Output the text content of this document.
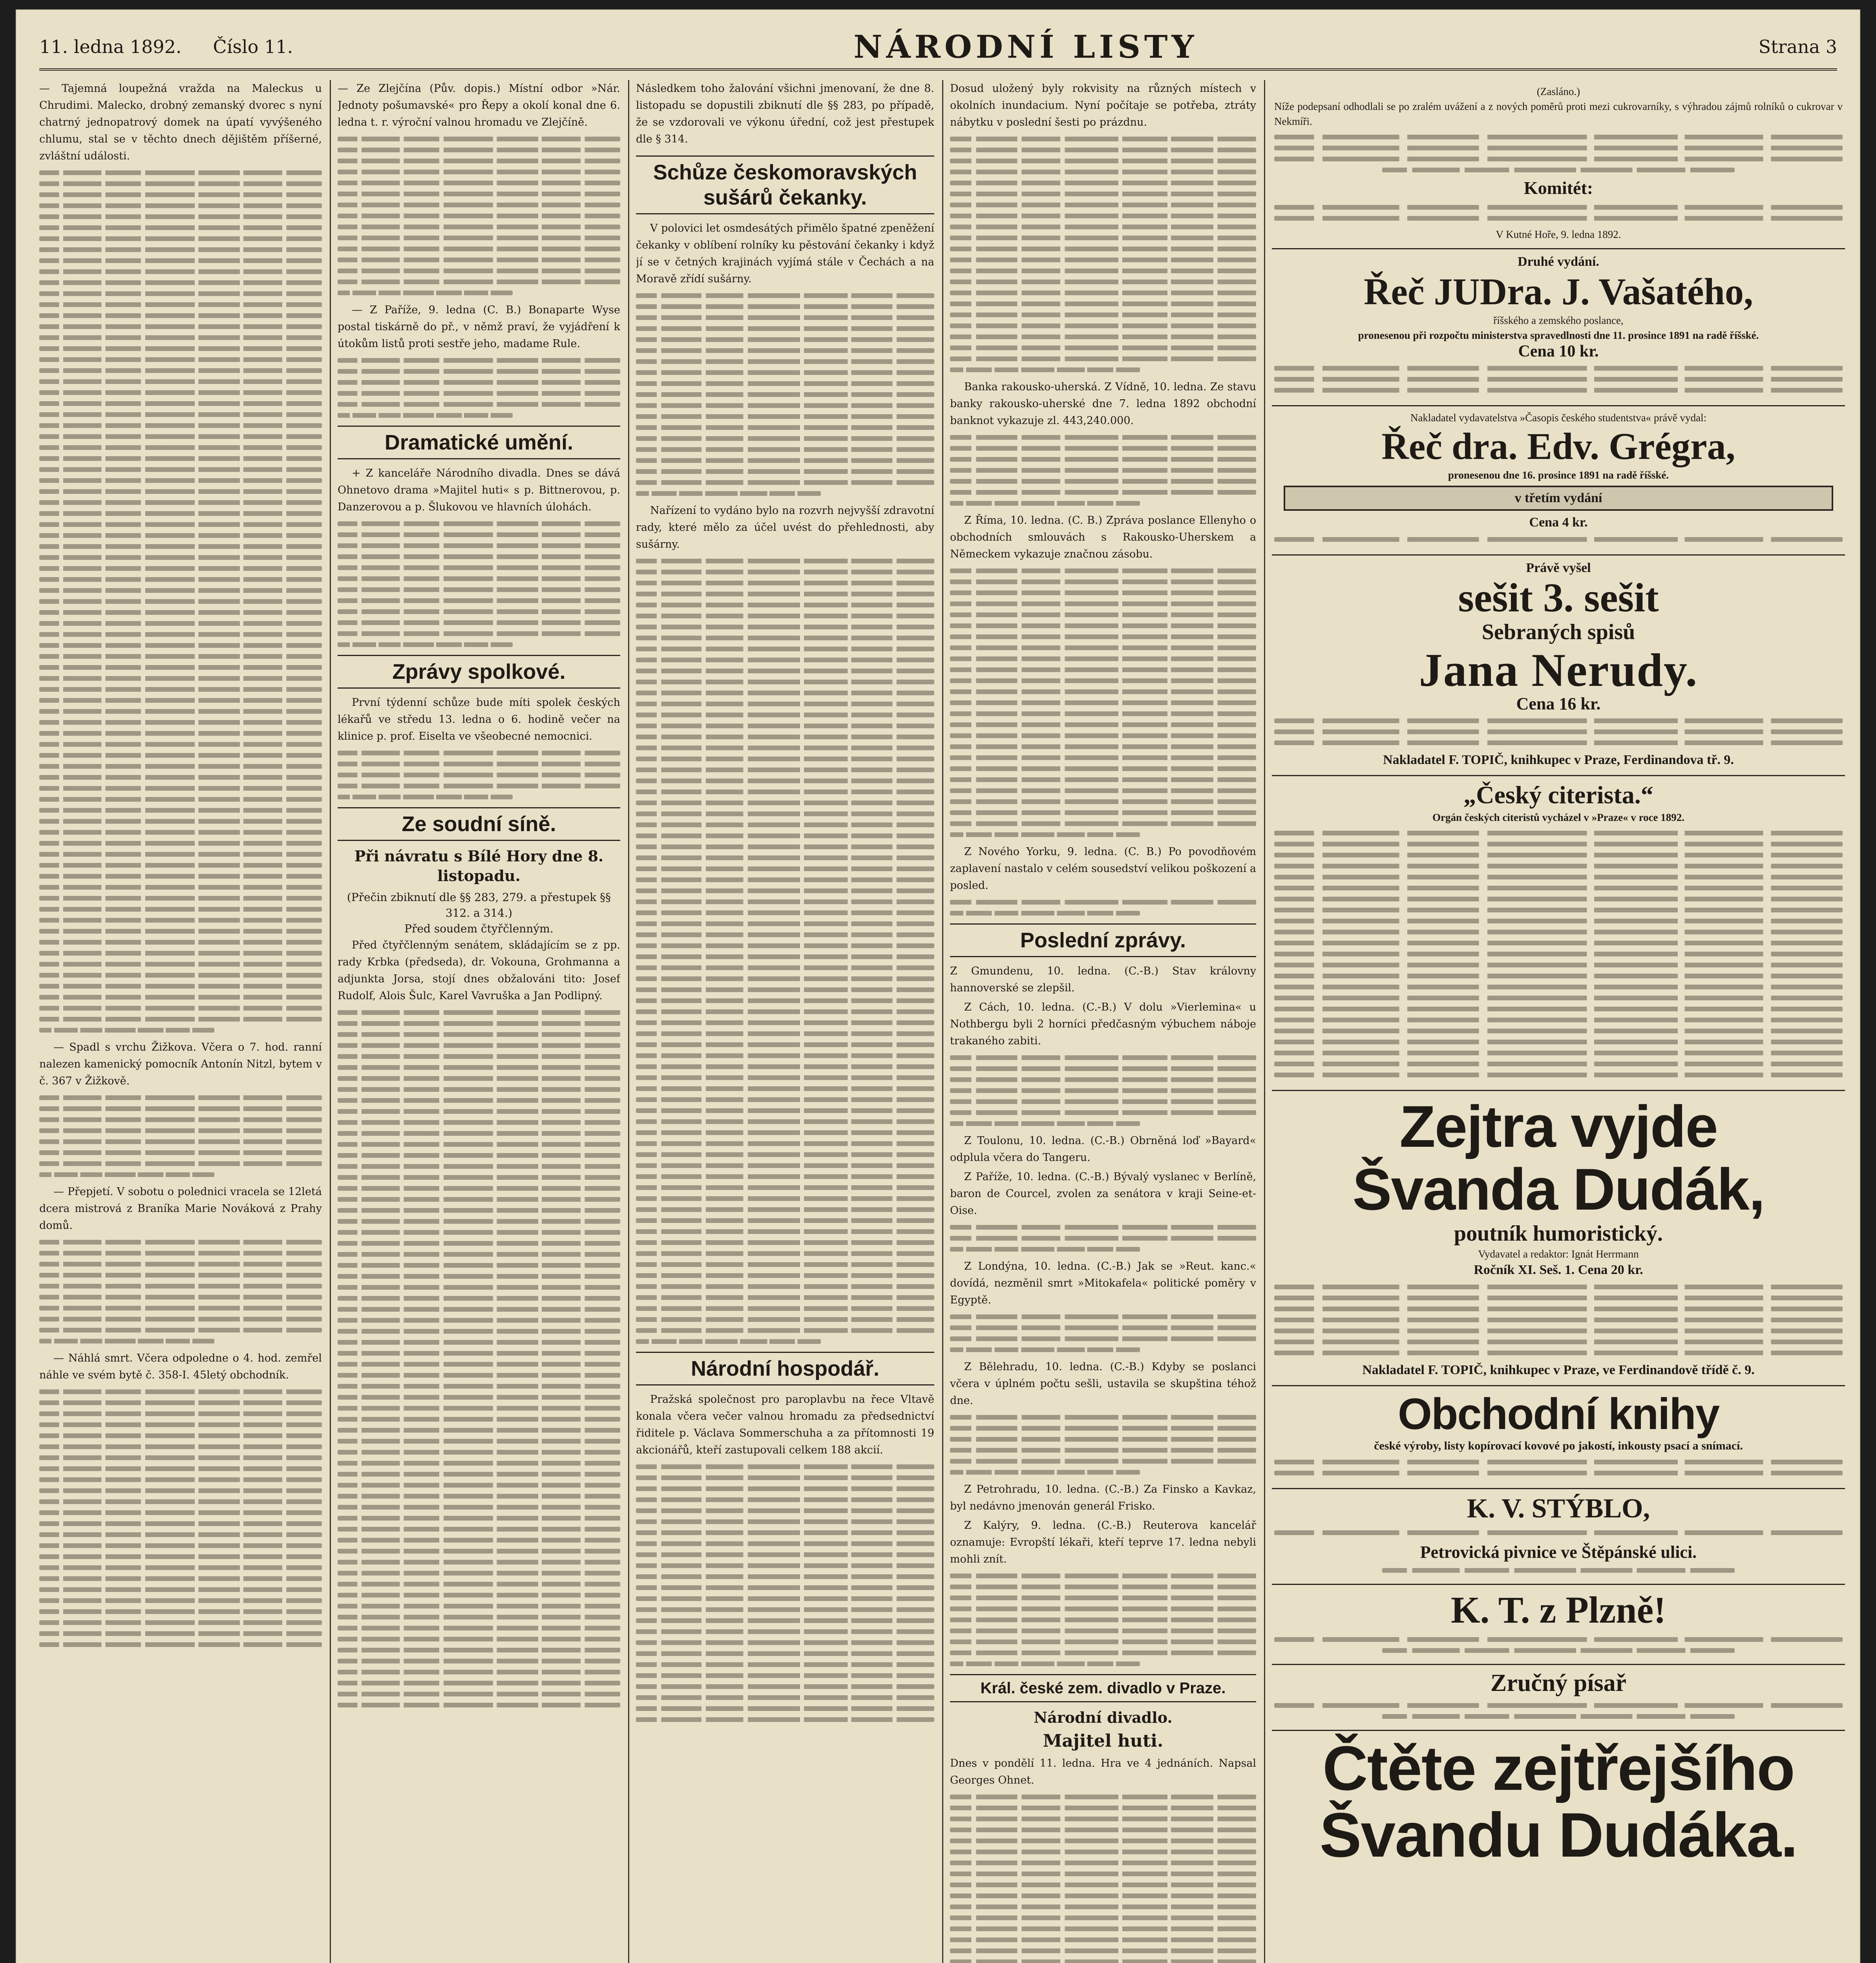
11. ledna 1892. Číslo 11.	NÁRODNÍ LISTY	Strana 3

— Tajemná loupežná vražda na Maleckus u Chrudimi. Malecko, drobný zemanský dvorec s nyní chatrný jednopatrový domek na úpatí vyvýšeného chlumu, stal se v těchto dnech dějištěm příšerné, zvláštní události.

— Spadl s vrchu Žižkova. Včera o 7. hod. ranní nalezen kamenický pomocník Antonín Nitzl, bytem v č. 367 v Žižkově.

— Přepjetí. V sobotu o polednici vracela se 12letá dcera mistrová z Braníka Marie Nováková z Prahy domů.

— Náhlá smrt. Včera odpoledne o 4. hod. zemřel náhle ve svém bytě č. 358-I. 45letý obchodník.

— Ze Zlejčína (Pův. dopis.) Místní odbor »Nár. Jednoty pošumavské« pro Řepy a okolí konal dne 6. ledna t. r. výroční valnou hromadu ve Zlejčíně.

— Z Paříže, 9. ledna (C. B.) Bonaparte Wyse postal tiskárně do př., v němž praví, že vyjádření k útokům listů proti sestře jeho, madame Rule.

Dramatické umění.

+ Z kanceláře Národního divadla. Dnes se dává Ohnetovo drama »Majitel huti« s p. Bittnerovou, p. Danzerovou a p. Šlukovou ve hlavních úlohách.

Zprávy spolkové.

První týdenní schůze bude míti spolek českých lékařů ve středu 13. ledna o 6. hodině večer na klinice p. prof. Eiselta ve všeobecné nemocnici.

Ze soudní síně.
Při návratu s Bílé Hory dne 8. listopadu.
(Přečin zbiknutí dle §§ 283, 279. a přestupek §§ 312. a 314.)
Před soudem čtyřčlenným.

Před čtyřčlenným senátem, skládajícím se z pp. rady Krbka (předseda), dr. Vokouna, Grohmanna a adjunkta Jorsa, stojí dnes obžalováni tito: Josef Rudolf, Alois Šulc, Karel Vavruška a Jan Podlipný.

Následkem toho žalování všichni jmenovaní, že dne 8. listopadu se dopustili zbiknutí dle §§ 283, po případě, že se vzdorovali ve výkonu úřední, což jest přestupek dle § 314.

Schůze českomoravských sušárů čekanky.

V polovici let osmdesátých přimělo špatné zpeněžení čekanky v oblíbení rolníky ku pěstování čekanky i když jí se v četných krajinách vyjímá stále v Čechách a na Moravě zřídí sušárny.

Nařízení to vydáno bylo na rozvrh nejvyšší zdravotní rady, které mělo za účel uvést do přehlednosti, aby sušárny.

Národní hospodář.

Pražská společnost pro paroplavbu na řece Vltavě konala včera večer valnou hromadu za předsednictví řiditele p. Václava Sommerschuha a za přítomnosti 19 akcionářů, kteří zastupovali celkem 188 akcií.

Dosud uložený byly rokvisity na různých místech v okolních inundacium. Nyní počítaje se potřeba, ztráty nábytku v poslední šesti po prázdnu.

Banka rakousko-uherská. Z Vídně, 10. ledna. Ze stavu banky rakousko-uherské dne 7. ledna 1892 obchodní banknot vykazuje zl. 443,240.000.

Z Říma, 10. ledna. (C. B.) Zpráva poslance Ellenyho o obchodních smlouvách s Rakousko-Uherskem a Německem vykazuje značnou zásobu.

Z Nového Yorku, 9. ledna. (C. B.) Po povodňovém zaplavení nastalo v celém sousedství velikou poškození a posled.

Poslední zprávy.

Z Gmundenu, 10. ledna. (C.-B.) Stav královny hannoverské se zlepšil.

Z Cách, 10. ledna. (C.-B.) V dolu »Vierlemina« u Nothbergu byli 2 horníci předčasným výbuchem náboje trakaného zabiti.

Z Toulonu, 10. ledna. (C.-B.) Obrněná loď »Bayard« odplula včera do Tangeru.

Z Paříže, 10. ledna. (C.-B.) Bývalý vyslanec v Berlíně, baron de Courcel, zvolen za senátora v kraji Seine-et-Oise.

Z Londýna, 10. ledna. (C.-B.) Jak se »Reut. kanc.« dovídá, nezměnil smrt »Mitokafela« politické poměry v Egyptě.

Z Bělehradu, 10. ledna. (C.-B.) Kdyby se poslanci včera v úplném počtu sešli, ustavila se skupština téhož dne.

Z Petrohradu, 10. ledna. (C.-B.) Za Finsko a Kavkaz, byl nedávno jmenován generál Frisko.

Z Kalýry, 9. ledna. (C.-B.) Reuterova kancelář oznamuje: Evropští lékaři, kteří teprve 17. ledna nebyli mohli znít.

Král. české zem. divadlo v Praze.
Národní divadlo.
Majitel huti.

Dnes v pondělí 11. ledna. Hra ve 4 jednáních. Napsal Georges Ohnet.

(Zasláno.)
Níže podepsaní odhodlali se po zralém uvážení a z nových poměrů proti mezi cukrovarníky, s výhradou zájmů rolníků o cukrovar v Nekmíři.
Komitét:
V Kutné Hoře, 9. ledna 1892.
Druhé vydání.
Řeč JUDra. J. Vašatého,
říšského a zemského poslance,
pronesenou při rozpočtu ministerstva spravedlnosti dne 11. prosince 1891 na radě říšské.
Cena 10 kr.
Nakladatel vydavatelstva »Časopis českého studentstva« právě vydal:
Řeč dra. Edv. Grégra,
pronesenou dne 16. prosince 1891 na radě říšské.
v třetím vydání
Cena 4 kr.
Právě vyšel
sešit 3. sešit
Sebraných spisů
Jana Nerudy.
Cena 16 kr.
Nakladatel F. TOPIČ, knihkupec v Praze, Ferdinandova tř. 9.
„Český citerista.“
Orgán českých citeristů vycházel v »Praze« v roce 1892.
Zejtra vyjde
Švanda Dudák,
poutník humoristický.
Vydavatel a redaktor: Ignát Herrmann
Ročník XI. Seš. 1. Cena 20 kr.
Nakladatel F. TOPIČ, knihkupec v Praze, ve Ferdinandově třídě č. 9.
Obchodní knihy
české výroby, listy kopírovací kovové po jakostí, inkousty psací a snímací.
K. V. STÝBLO,
Petrovická pivnice ve Štěpánské ulici.
K. T. z Plzně!
Zručný písař
Čtěte zejtřejšího
Švandu Dudáka.
